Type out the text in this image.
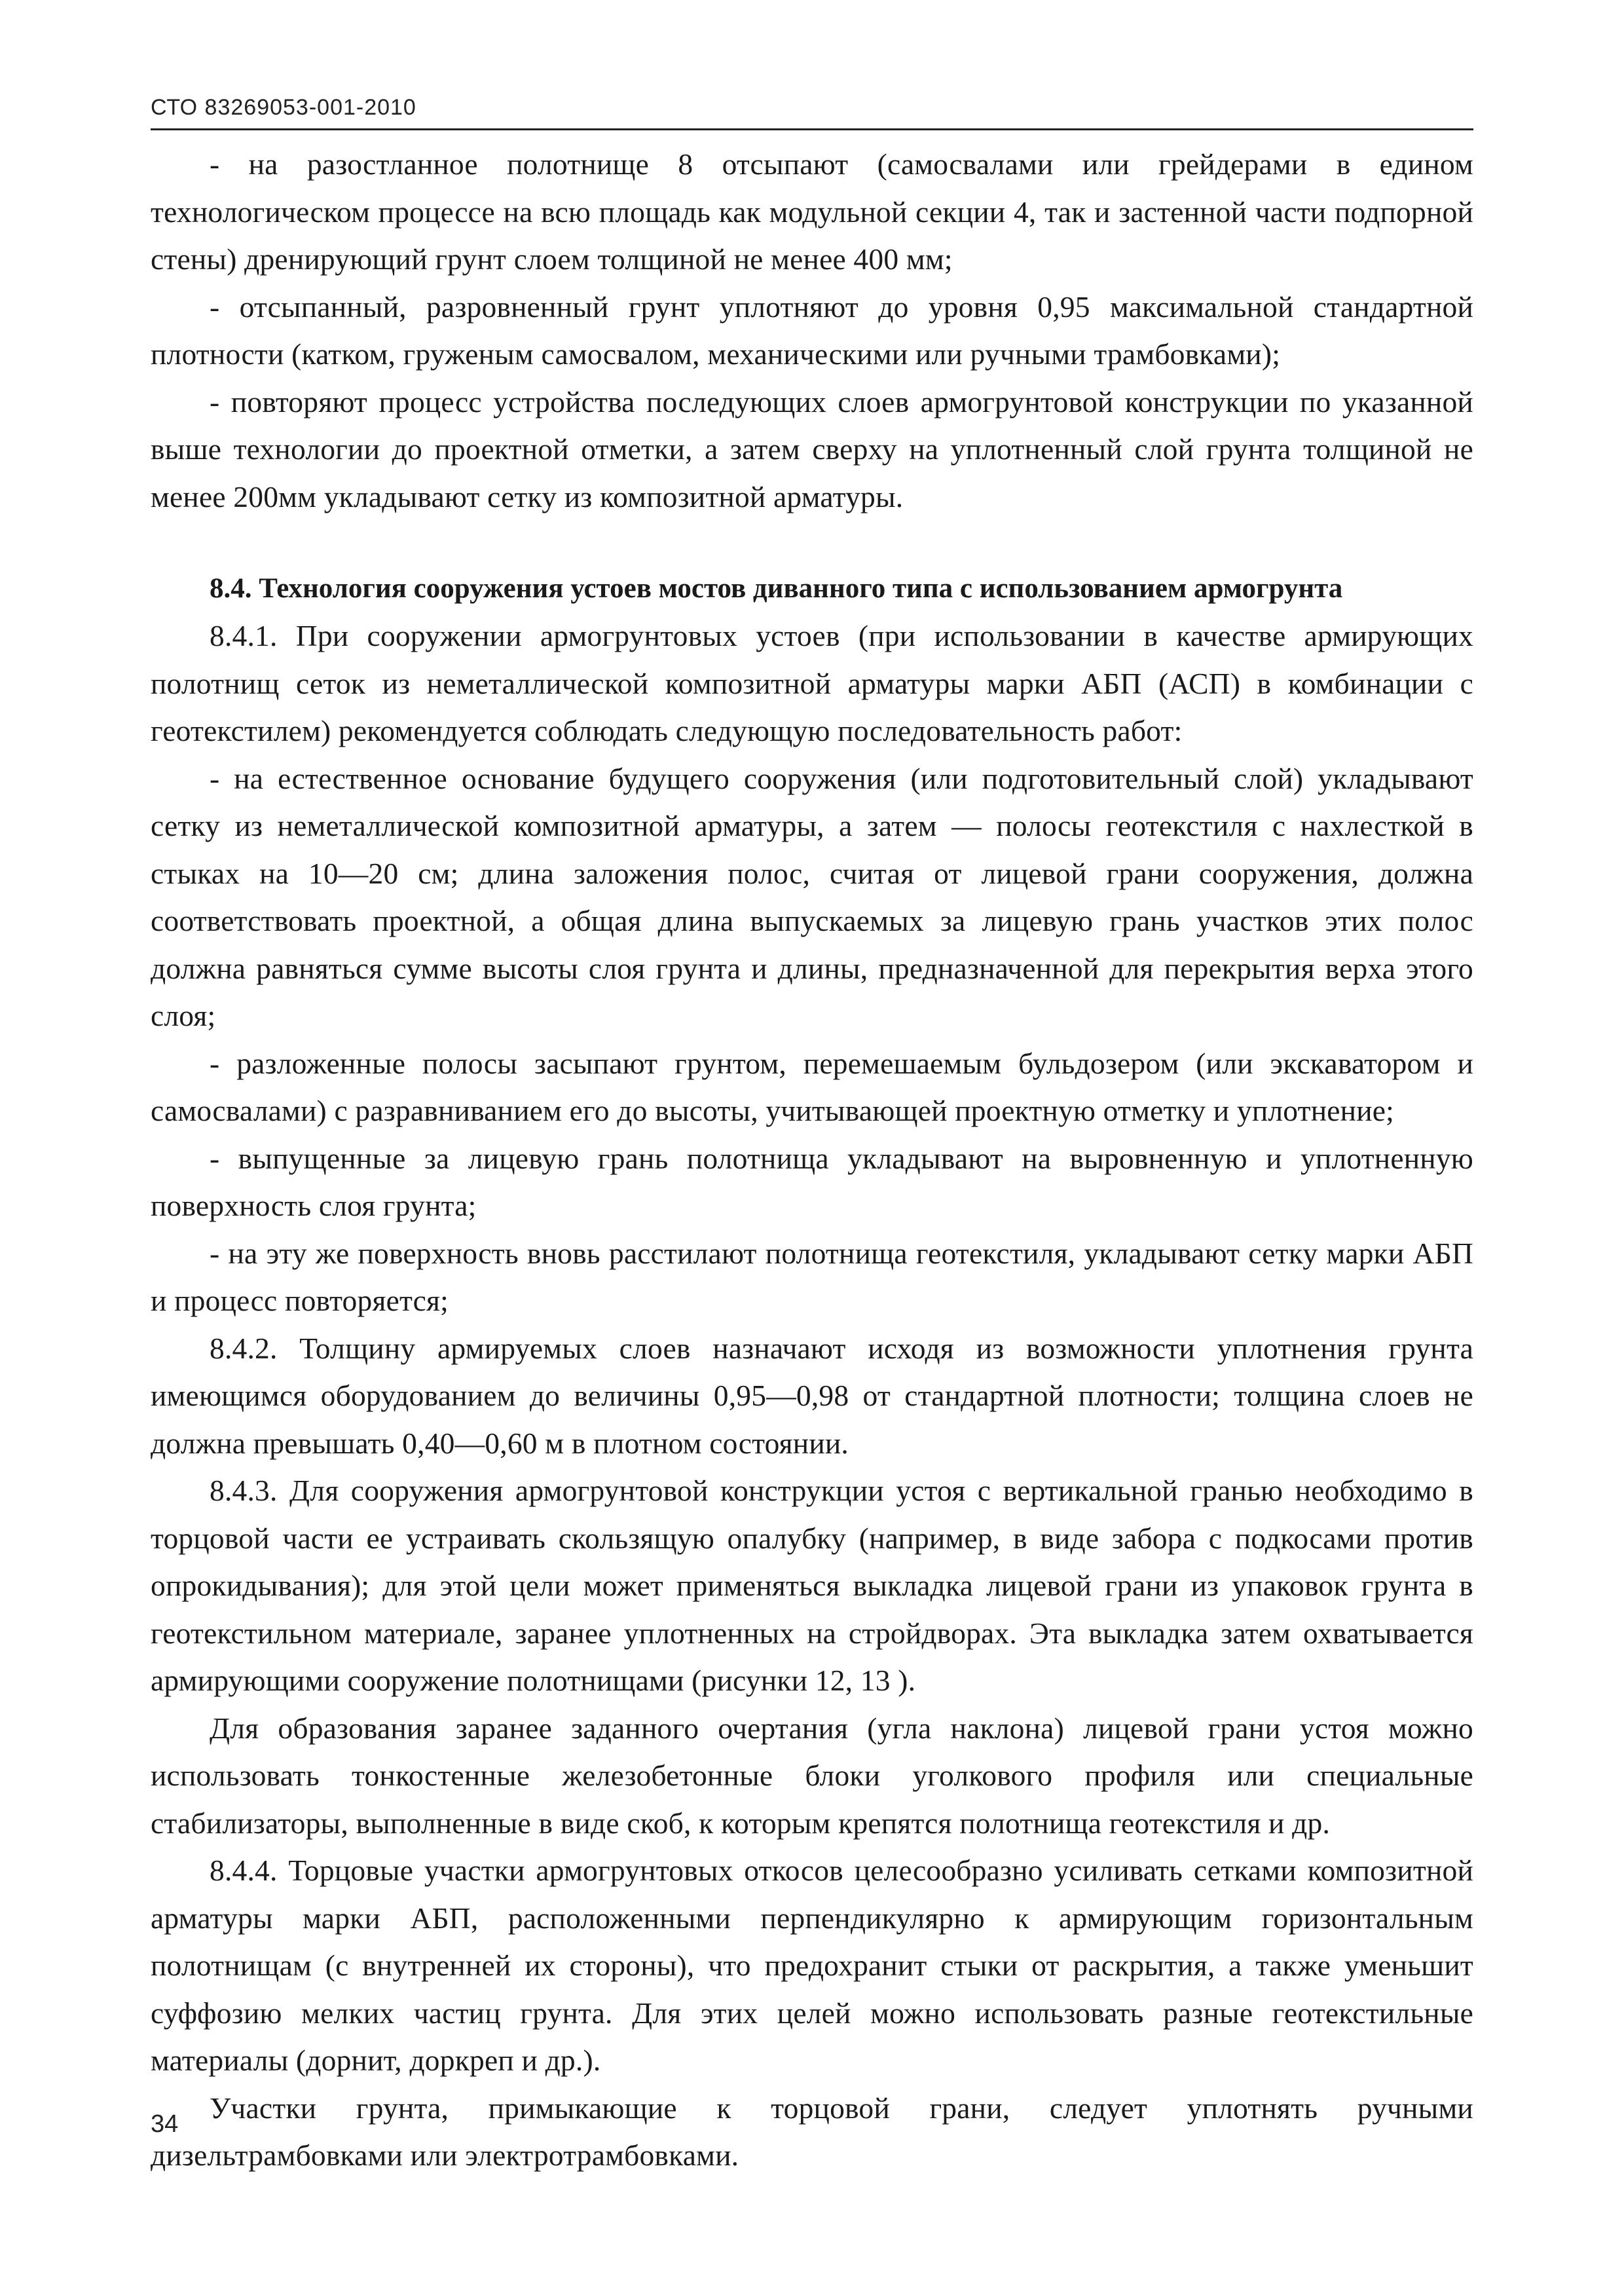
СТО 83269053-001-2010

- на разостланное полотнище 8 отсыпают (самосвалами или грейдерами в едином технологическом процессе на всю площадь как модульной секции 4, так и застенной части подпорной стены) дренирующий грунт слоем толщиной не менее 400 мм;

- отсыпанный, разровненный грунт уплотняют до уровня 0,95 максимальной стандартной плотности (катком, груженым самосвалом, механическими или ручными трамбовками);

- повторяют процесс устройства последующих слоев армогрунтовой конструкции по указанной выше технологии до проектной отметки, а затем сверху на уплотненный слой грунта толщиной не менее 200мм укладывают сетку из композитной арматуры.

8.4. Технология сооружения устоев мостов диванного типа с использованием армогрунта

8.4.1. При сооружении армогрунтовых устоев (при использовании в качестве армирующих полотнищ сеток из неметаллической композитной арматуры марки АБП (АСП) в комбинации с геотекстилем) рекомендуется соблюдать следующую последовательность работ:

- на естественное основание будущего сооружения (или подготовительный слой) укладывают сетку из неметаллической композитной арматуры, а затем — полосы геотекстиля с нахлесткой в стыках на 10—20 см; длина заложения полос, считая от лицевой грани сооружения, должна соответствовать проектной, а общая длина выпускаемых за лицевую грань участков этих полос должна равняться сумме высоты слоя грунта и длины, предназначенной для перекрытия верха этого слоя;

- разложенные полосы засыпают грунтом, перемешаемым бульдозером (или экскаватором и самосвалами) с разравниванием его до высоты, учитывающей проектную отметку и уплотнение;

- выпущенные за лицевую грань полотнища укладывают на выровненную и уплотненную поверхность слоя грунта;

- на эту же поверхность вновь расстилают полотнища геотекстиля, укладывают сетку марки АБП и процесс повторяется;

8.4.2. Толщину армируемых слоев назначают исходя из возможности уплотнения грунта имеющимся оборудованием до величины 0,95—0,98 от стандартной плотности; толщина слоев не должна превышать 0,40—0,60 м в плотном состоянии.

8.4.3. Для сооружения армогрунтовой конструкции устоя с вертикальной гранью необходимо в торцовой части ее устраивать скользящую опалубку (например, в виде забора с подкосами против опрокидывания); для этой цели может применяться выкладка лицевой грани из упаковок грунта в геотекстильном материале, заранее уплотненных на стройдворах. Эта выкладка затем охватывается армирующими сооружение полотнищами (рисунки 12, 13 ).

Для образования заранее заданного очертания (угла наклона) лицевой грани устоя можно использовать тонкостенные железобетонные блоки уголкового профиля или специальные стабилизаторы, выполненные в виде скоб, к которым крепятся полотнища геотекстиля и др.

8.4.4. Торцовые участки армогрунтовых откосов целесообразно усиливать сетками композитной арматуры марки АБП, расположенными перпендикулярно к армирующим горизонтальным полотнищам (с внутренней их стороны), что предохранит стыки от раскрытия, а также уменьшит суффозию мелких частиц грунта. Для этих целей можно использовать разные геотекстильные материалы (дорнит, доркреп и др.).

Участки грунта, примыкающие к торцовой грани, следует уплотнять ручными дизельтрамбовками или электротрамбовками.

34
